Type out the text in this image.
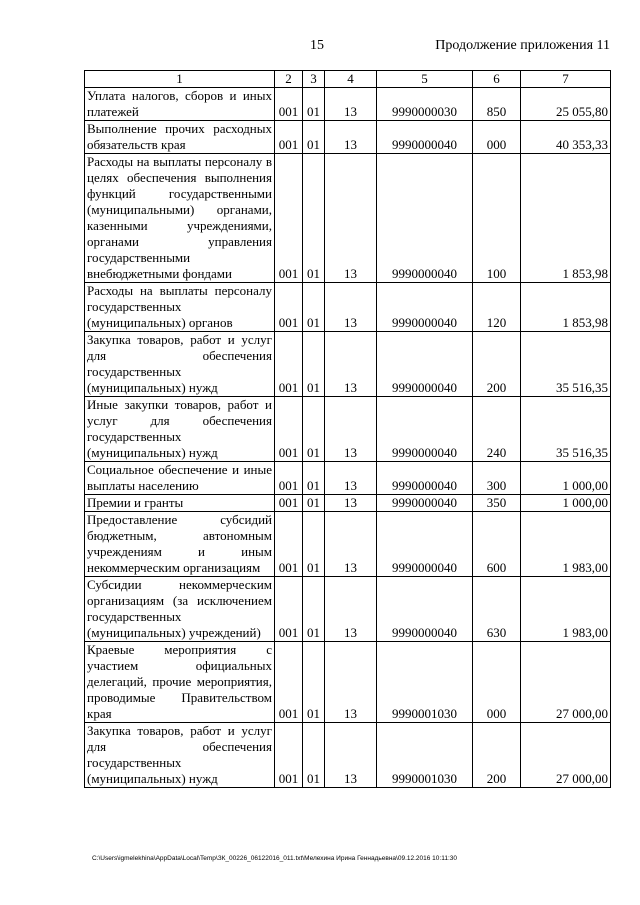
15	Продолжение приложения 11
1	2	3	4	5	6	7
Уплата налогов, сборов и иных платежей	001	01	13	9990000030	850	25 055,80
Выполнение прочих расходных обязательств края	001	01	13	9990000040	000	40 353,33
Расходы на выплаты персоналу в целях обеспечения выполнения функций государственными (муниципальными) органами, казенными учреждениями, органами управления государственными внебюджетными фондами	001	01	13	9990000040	100	1 853,98
Расходы на выплаты персоналу государственных (муниципальных) органов	001	01	13	9990000040	120	1 853,98
Закупка товаров, работ и услуг для обеспечения государственных (муниципальных) нужд	001	01	13	9990000040	200	35 516,35
Иные закупки товаров, работ и услуг для обеспечения государственных (муниципальных) нужд	001	01	13	9990000040	240	35 516,35
Социальное обеспечение и иные выплаты населению	001	01	13	9990000040	300	1 000,00
Премии и гранты	001	01	13	9990000040	350	1 000,00
Предоставление субсидий бюджетным, автономным учреждениям и иным некоммерческим организациям	001	01	13	9990000040	600	1 983,00
Субсидии некоммерческим организациям (за исключением государственных (муниципальных) учреждений)	001	01	13	9990000040	630	1 983,00
Краевые мероприятия с участием официальных делегаций, прочие мероприятия, проводимые Правительством края	001	01	13	9990001030	000	27 000,00
Закупка товаров, работ и услуг для обеспечения государственных (муниципальных) нужд	001	01	13	9990001030	200	27 000,00
C:\Users\igmelekhina\AppData\Local\Temp\ЗК_00226_06122016_011.txt\Мелехина Ирина Геннадьевна\09.12.2016 10:11:30
